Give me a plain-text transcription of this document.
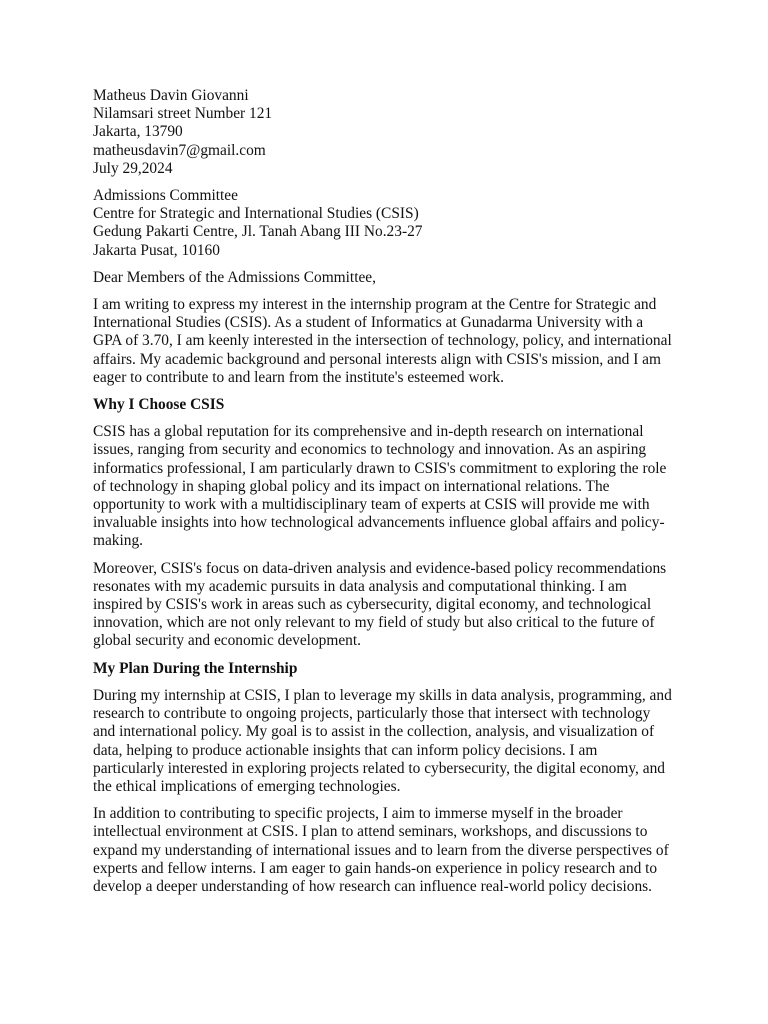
Matheus Davin Giovanni
Nilamsari street Number 121
Jakarta, 13790
matheusdavin7@gmail.com
July 29,2024
Admissions Committee
Centre for Strategic and International Studies (CSIS)
Gedung Pakarti Centre, Jl. Tanah Abang III No.23-27
Jakarta Pusat, 10160
Dear Members of the Admissions Committee,
I am writing to express my interest in the internship program at the Centre for Strategic and
International Studies (CSIS). As a student of Informatics at Gunadarma University with a
GPA of 3.70, I am keenly interested in the intersection of technology, policy, and international
affairs. My academic background and personal interests align with CSIS's mission, and I am
eager to contribute to and learn from the institute's esteemed work.
Why I Choose CSIS
CSIS has a global reputation for its comprehensive and in-depth research on international
issues, ranging from security and economics to technology and innovation. As an aspiring
informatics professional, I am particularly drawn to CSIS's commitment to exploring the role
of technology in shaping global policy and its impact on international relations. The
opportunity to work with a multidisciplinary team of experts at CSIS will provide me with
invaluable insights into how technological advancements influence global affairs and policy-
making.
Moreover, CSIS's focus on data-driven analysis and evidence-based policy recommendations
resonates with my academic pursuits in data analysis and computational thinking. I am
inspired by CSIS's work in areas such as cybersecurity, digital economy, and technological
innovation, which are not only relevant to my field of study but also critical to the future of
global security and economic development.
My Plan During the Internship
During my internship at CSIS, I plan to leverage my skills in data analysis, programming, and
research to contribute to ongoing projects, particularly those that intersect with technology
and international policy. My goal is to assist in the collection, analysis, and visualization of
data, helping to produce actionable insights that can inform policy decisions. I am
particularly interested in exploring projects related to cybersecurity, the digital economy, and
the ethical implications of emerging technologies.
In addition to contributing to specific projects, I aim to immerse myself in the broader
intellectual environment at CSIS. I plan to attend seminars, workshops, and discussions to
expand my understanding of international issues and to learn from the diverse perspectives of
experts and fellow interns. I am eager to gain hands-on experience in policy research and to
develop a deeper understanding of how research can influence real-world policy decisions.
